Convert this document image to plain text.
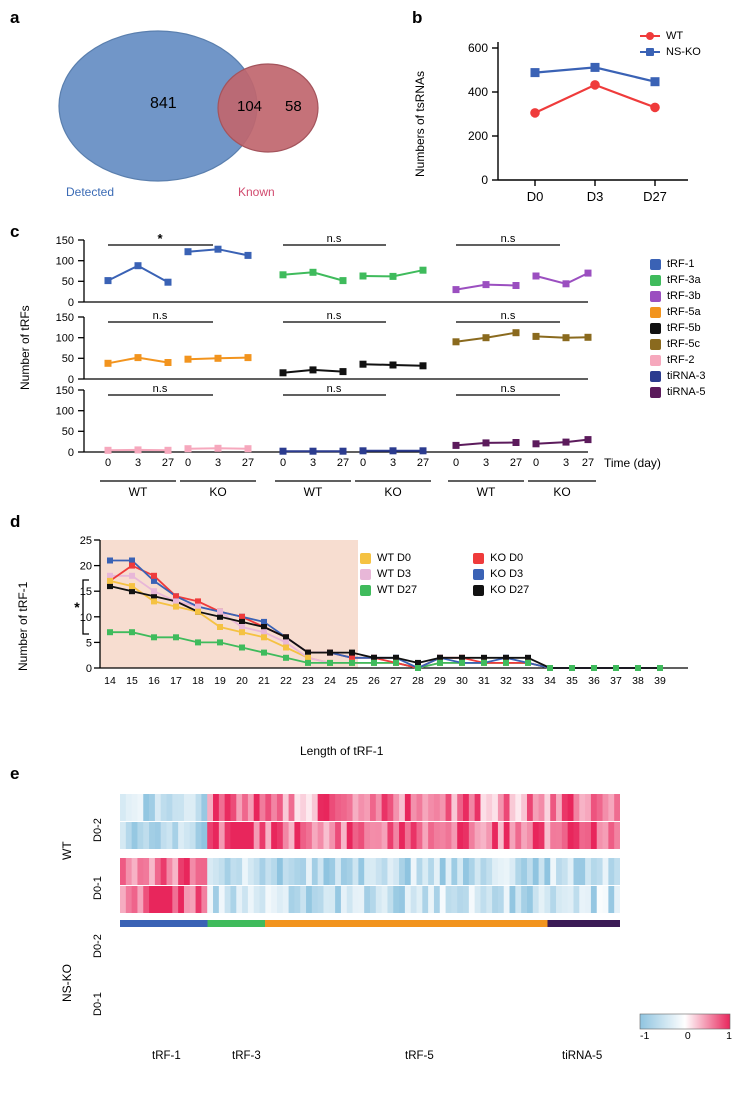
a
841	104 58
Detected	Known
b
0
200
400
600
D0	D3	D27
Numbers of tsRNAs
WT
NS-KO
c
0
50
100
150	*	n.s	n.s
0
50
100
150	n.s	n.s	n.s
0
50
100
150	n.s	n.s	n.s
0 3 27 0 3 27 0 3 27 0 3 27 0 3 27 0 3 27
WT	KO	WT	KO	WT	KO
Number of tRFs
Time (day)
tRF-1
tRF-3a
tRF-3b
tRF-5a
tRF-5b
tRF-5c
tRF-2
tiRNA-3
tiRNA-5
d
0
5
10
15
20
25
*
14 15 16 17 18 19 20 21 22 23 24 25 26 27 28 29 30 31 32 33 34 35 36 37 38 39
Number of tRF-1
Length of tRF-1
WT D0
WT D3
WT D27
KO D0
KO D3
KO D27
e
D0-2
D0-1
D0-2
D0-1
WT
NS-KO
tRF-1	tRF-3	tRF-5	tiRNA-5
-1	0	1
